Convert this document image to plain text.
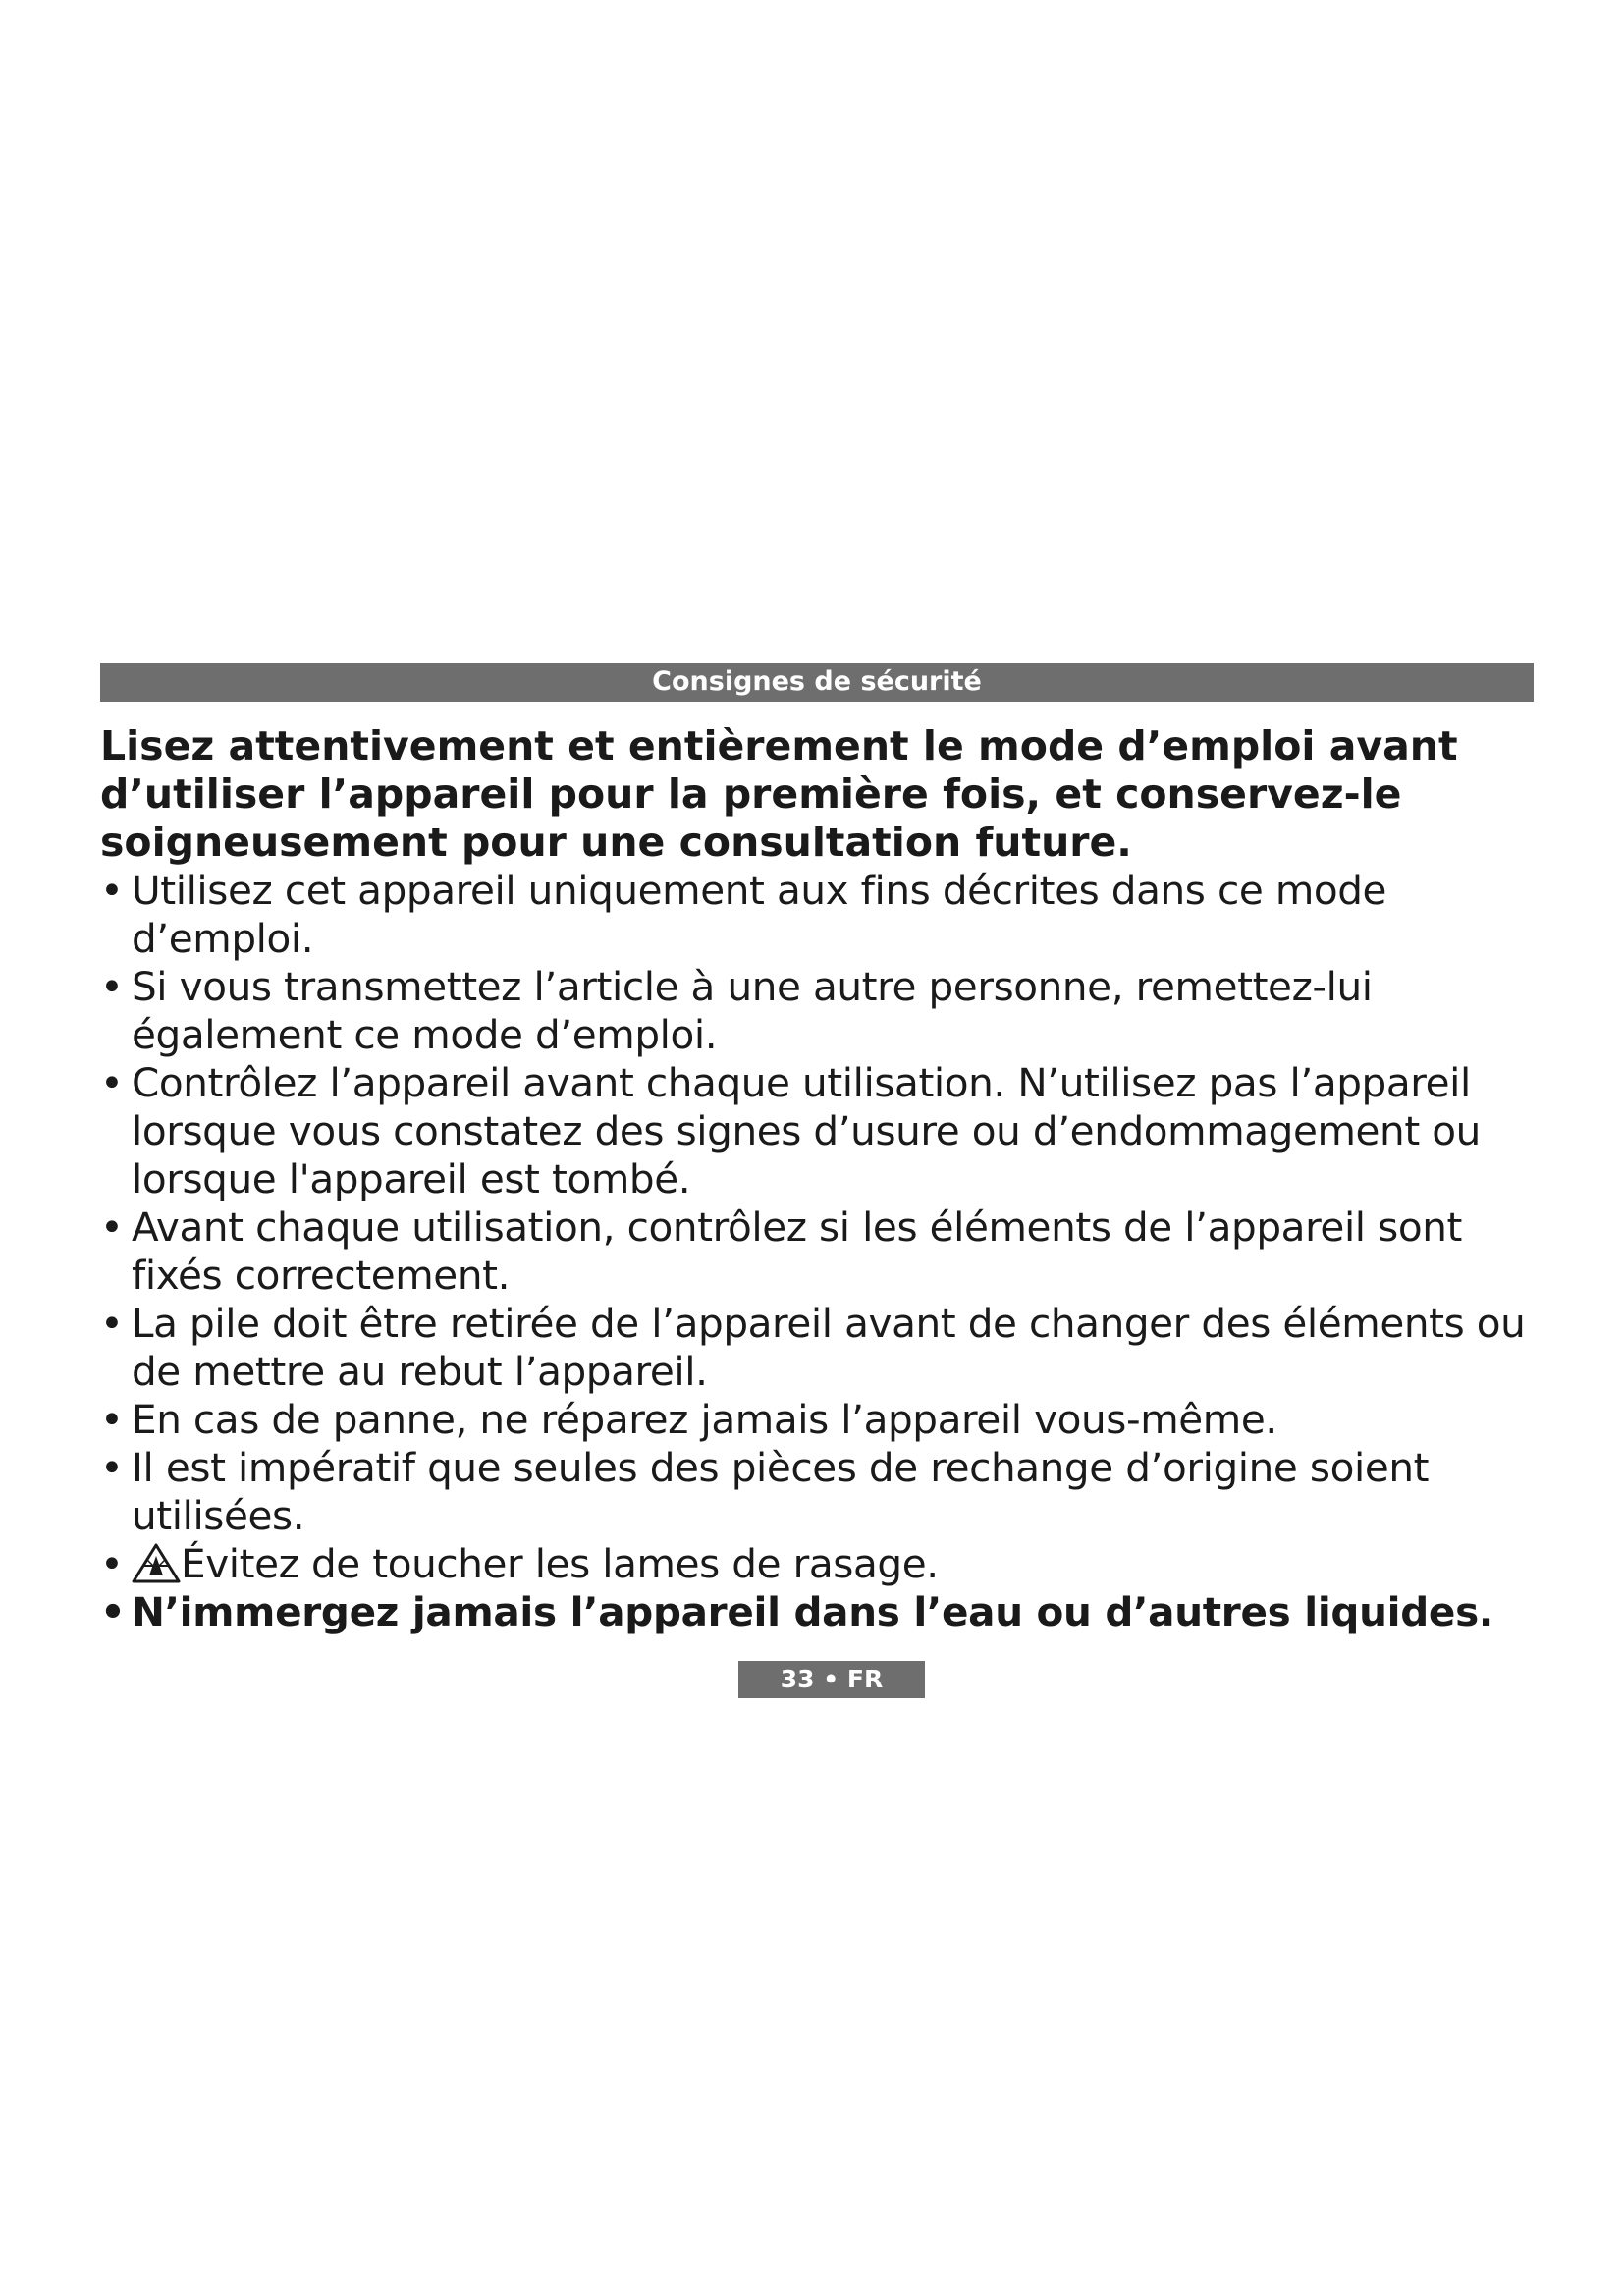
Consignes de sécurité

Lisez attentivement et entièrement le mode d’emploi avant d’utiliser l’appareil pour la première fois, et conservez-le soigneusement pour une consultation future.

• Utilisez cet appareil uniquement aux fins décrites dans ce mode d’emploi.
• Si vous transmettez l’article à une autre personne, remettez-lui également ce mode d’emploi.
• Contrôlez l’appareil avant chaque utilisation. N’utilisez pas l’appareil lorsque vous constatez des signes d’usure ou d’endommagement ou lorsque l'appareil est tombé.
• Avant chaque utilisation, contrôlez si les éléments de l’appareil sont fixés correctement.
• La pile doit être retirée de l’appareil avant de changer des éléments ou de mettre au rebut l’appareil.
• En cas de panne, ne réparez jamais l’appareil vous-même.
• Il est impératif que seules des pièces de rechange d’origine soient utilisées.
• Évitez de toucher les lames de rasage.
• N’immergez jamais l’appareil dans l’eau ou d’autres liquides.
33 • FR
